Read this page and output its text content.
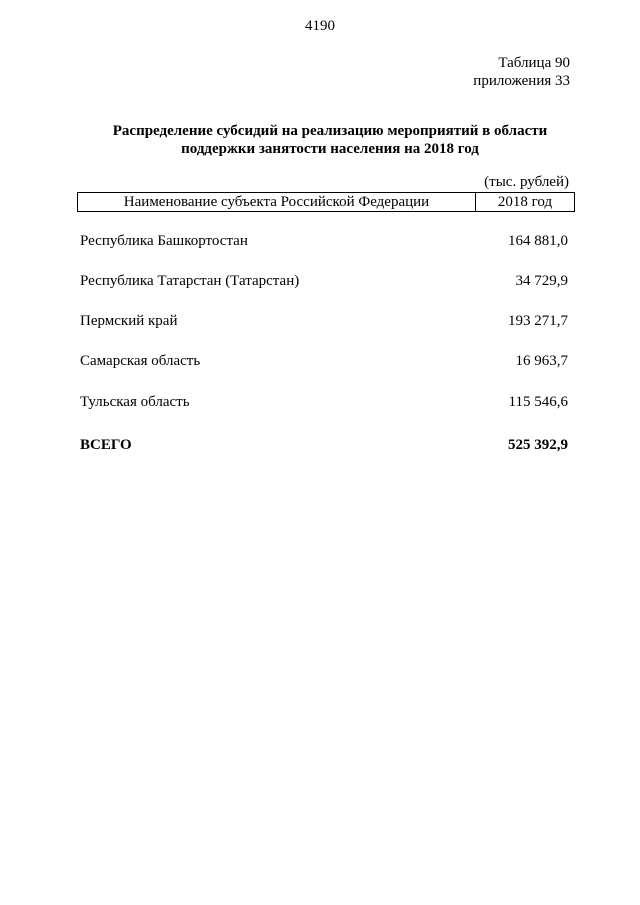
4190
Таблица 90
приложения 33
Распределение субсидий на реализацию мероприятий в области
поддержки занятости населения на 2018 год
(тыс. рублей)
Наименование субъекта Российской Федерации	2018 год
Республика Башкортостан	164 881,0
Республика Татарстан (Татарстан)	34 729,9
Пермский край	193 271,7
Самарская область	16 963,7
Тульская область	115 546,6
ВСЕГО	525 392,9
